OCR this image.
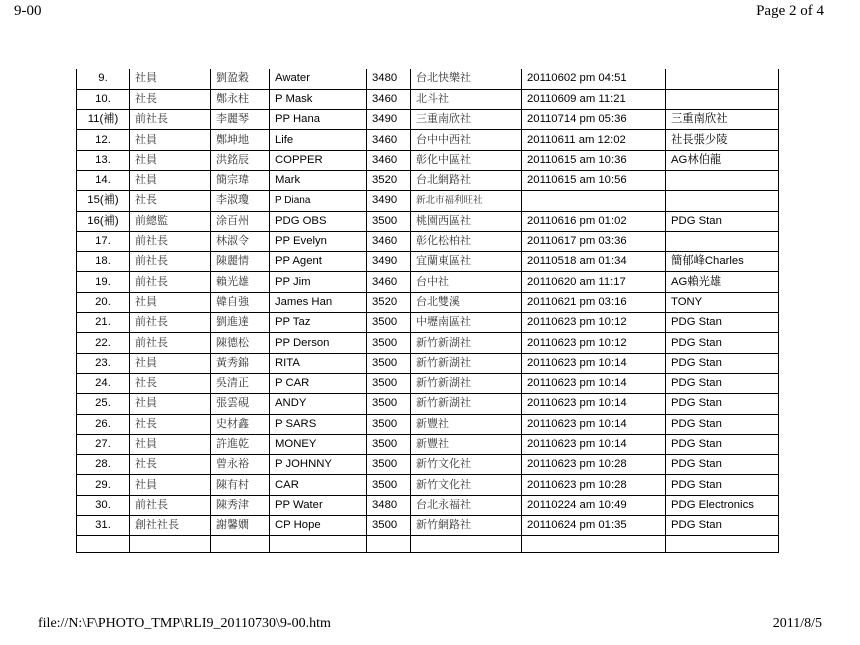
9-00	Page 2 of 4
9.	社員	劉盈穀	Awater	3480	台北快樂社	20110602 pm 04:51	
10.	社長	鄭永柱	P Mask	3460	北斗社	20110609 am 11:21	
11(補)	前社長	李麗琴	PP Hana	3490	三重南欣社	20110714 pm 05:36	三重南欣社
12.	社員	鄭坤地	Life	3460	台中中西社	20110611 am 12:02	社長張少陵
13.	社員	洪銘辰	COPPER	3460	彰化中區社	20110615 am 10:36	AG林伯龍
14.	社員	簡宗瑋	Mark	3520	台北網路社	20110615 am 10:56	
15(補)	社長	李淑瓊	P Diana	3490	新北市福利旺社		
16(補)	前總監	涂百州	PDG OBS	3500	桃園西區社	20110616 pm 01:02	PDG Stan
17.	前社長	林淑令	PP Evelyn	3460	彰化松柏社	20110617 pm 03:36	
18.	前社長	陳麗情	PP Agent	3490	宜蘭東區社	20110518 am 01:34	簡郁峰Charles
19.	前社長	賴光雄	PP Jim	3460	台中社	20110620 am 11:17	AG賴光雄
20.	社員	韓自強	James Han	3520	台北雙溪	20110621 pm 03:16	TONY
21.	前社長	劉進達	PP Taz	3500	中壢南區社	20110623 pm 10:12	PDG Stan
22.	前社長	陳德松	PP Derson	3500	新竹新湖社	20110623 pm 10:12	PDG Stan
23.	社員	黃秀錦	RITA	3500	新竹新湖社	20110623 pm 10:14	PDG Stan
24.	社長	吳清正	P CAR	3500	新竹新湖社	20110623 pm 10:14	PDG Stan
25.	社員	張雲硯	ANDY	3500	新竹新湖社	20110623 pm 10:14	PDG Stan
26.	社長	史材鑫	P SARS	3500	新豐社	20110623 pm 10:14	PDG Stan
27.	社員	許進乾	MONEY	3500	新豐社	20110623 pm 10:14	PDG Stan
28.	社長	曾永裕	P JOHNNY	3500	新竹文化社	20110623 pm 10:28	PDG Stan
29.	社員	陳有村	CAR	3500	新竹文化社	20110623 pm 10:28	PDG Stan
30.	前社長	陳秀津	PP Water	3480	台北永福社	20110224 am 10:49	PDG Electronics
31.	創社社長	謝馨嫺	CP Hope	3500	新竹網路社	20110624 pm 01:35	PDG Stan

file://N:\F\PHOTO_TMP\RLI9_20110730\9-00.htm	2011/8/5
